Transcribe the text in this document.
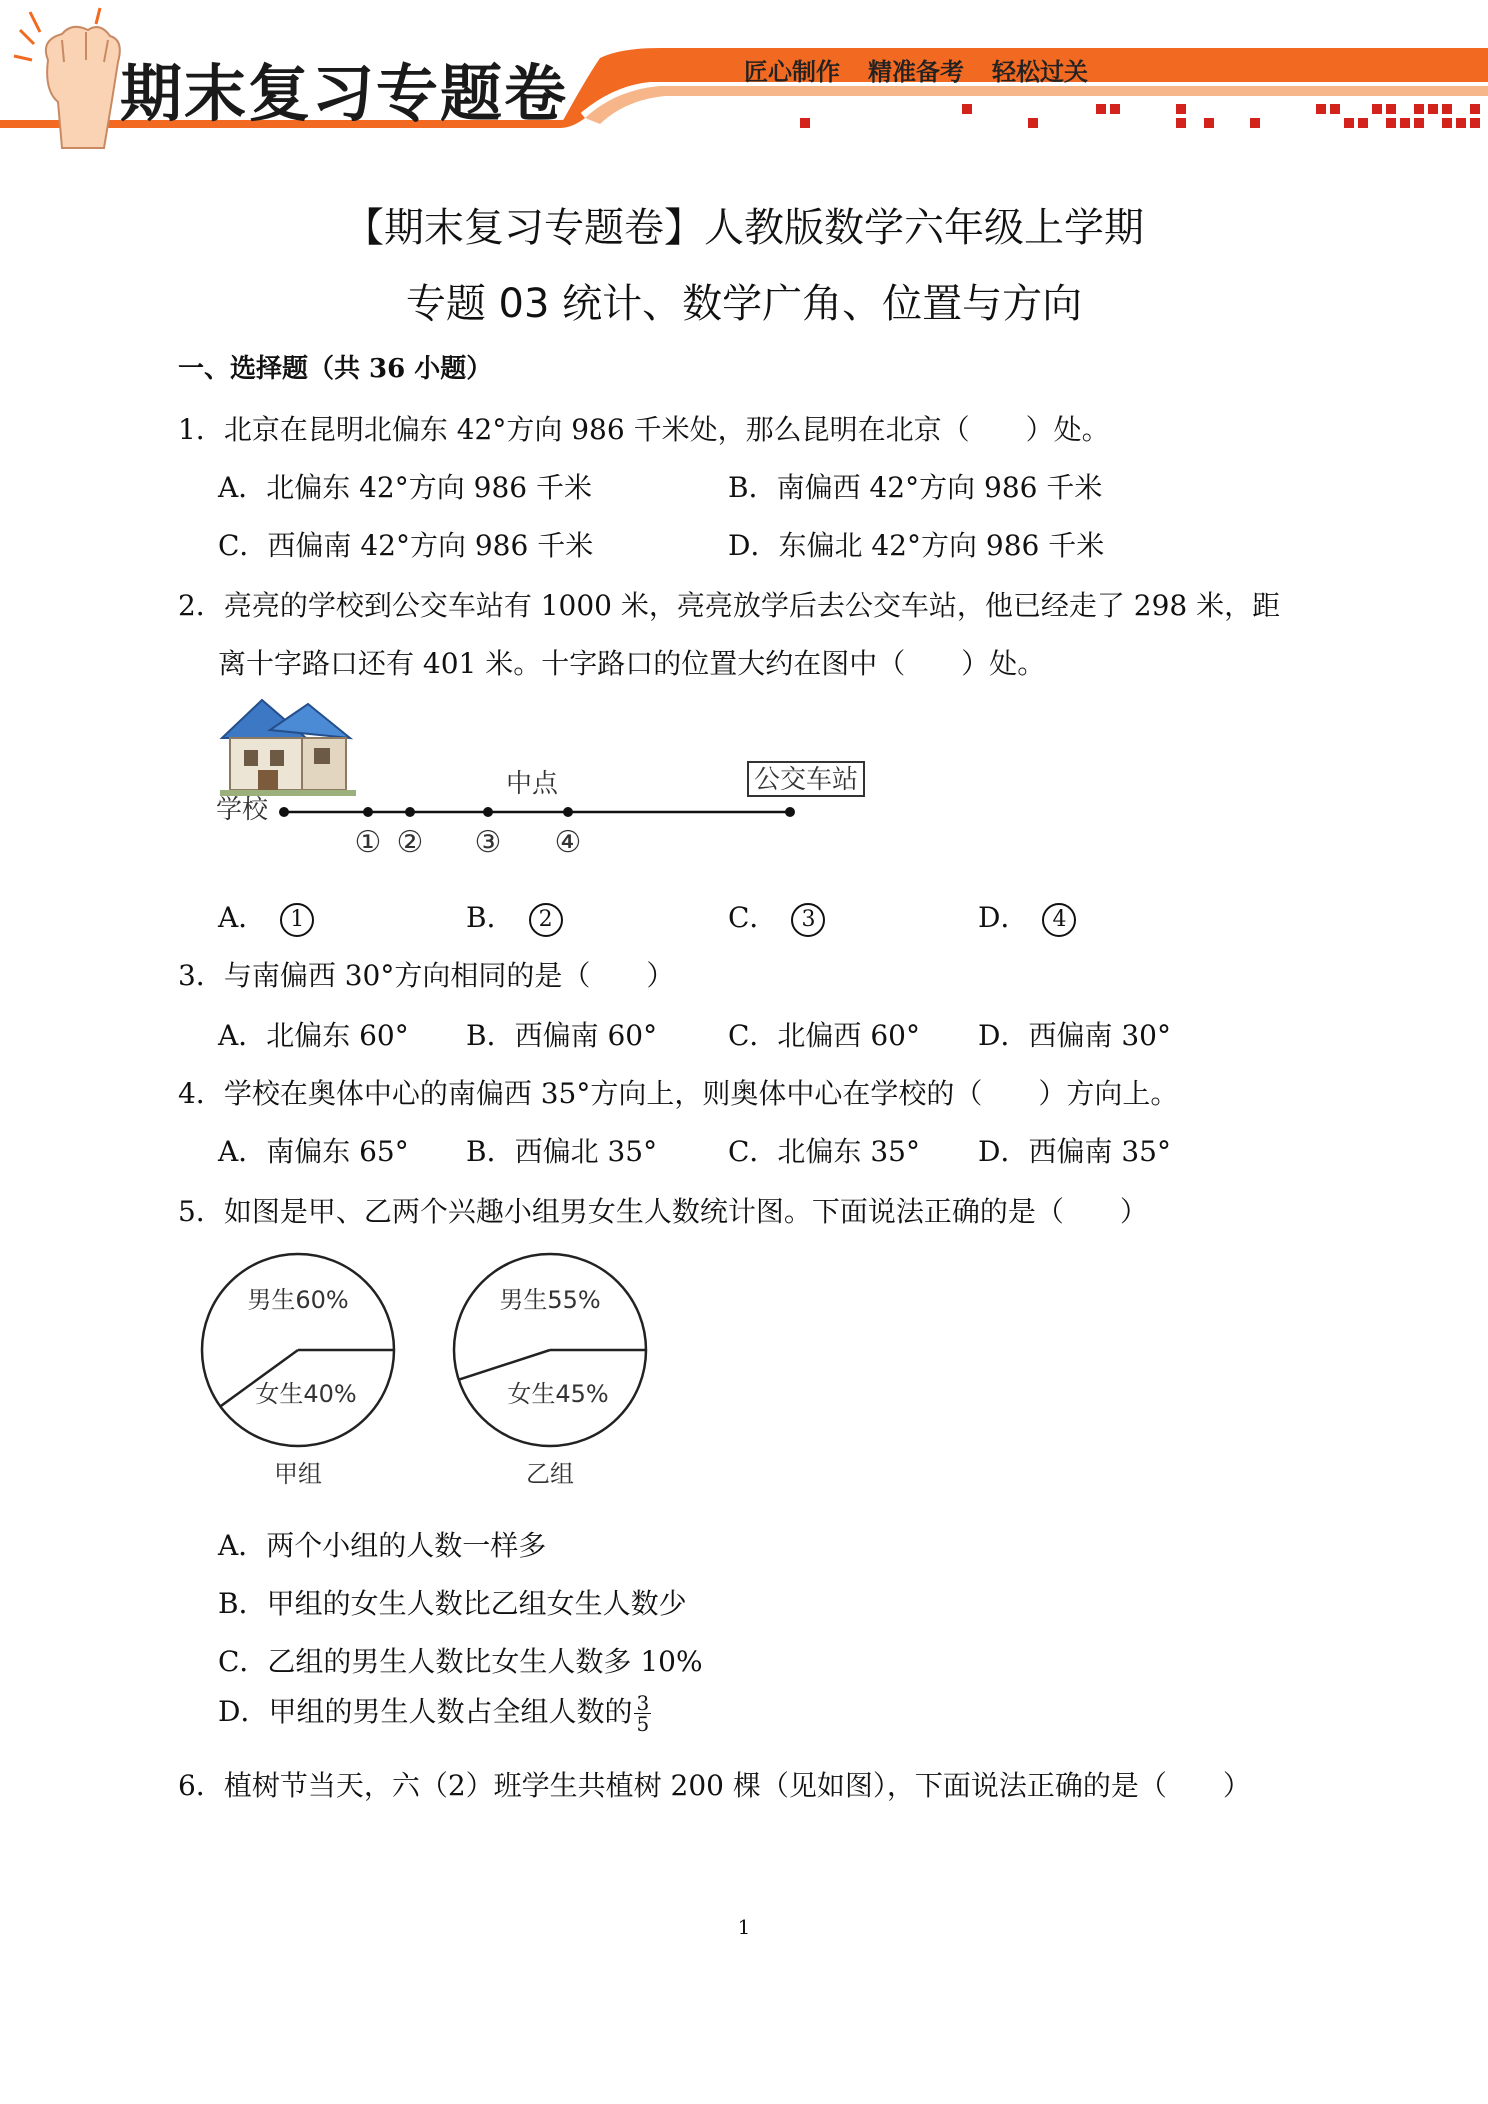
期末复习专题卷	匠心制作 精准备考 轻松过关
【期末复习专题卷】人教版数学六年级上学期
专题 03 统计、数学广角、位置与方向
一、选择题（共 36 小题）
1．北京在昆明北偏东 42°方向 986 千米处，那么昆明在北京（　　）处。
A．北偏东 42°方向 986 千米	B．南偏西 42°方向 986 千米
C．西偏南 42°方向 986 千米	D．东偏北 42°方向 986 千米
2．亮亮的学校到公交车站有 1000 米，亮亮放学后去公交车站，他已经走了 298 米，距
离十字路口还有 401 米。十字路口的位置大约在图中（　　）处。
学校
中点	公交车站
① ② ③ ④
A． 1	B． 2	C． 3	D． 4
3．与南偏西 30°方向相同的是（　　）
A．北偏东 60° B．西偏南 60°	C．北偏西 60° D．西偏南 30°
4．学校在奥体中心的南偏西 35°方向上，则奥体中心在学校的（　　）方向上。
A．南偏东 65° B．西偏北 35°	C．北偏东 35° D．西偏南 35°
5．如图是甲、乙两个兴趣小组男女生人数统计图。下面说法正确的是（　　）
男生60%
女生40%
甲组
男生55%
女生45%
乙组
A．两个小组的人数一样多
B．甲组的女生人数比乙组女生人数少
C．乙组的男生人数比女生人数多 10%
D．甲组的男生人数占全组人数的 $\frac{3}{5}$
6．植树节当天，六（2）班学生共植树 200 棵（见如图），下面说法正确的是（　　）
1
